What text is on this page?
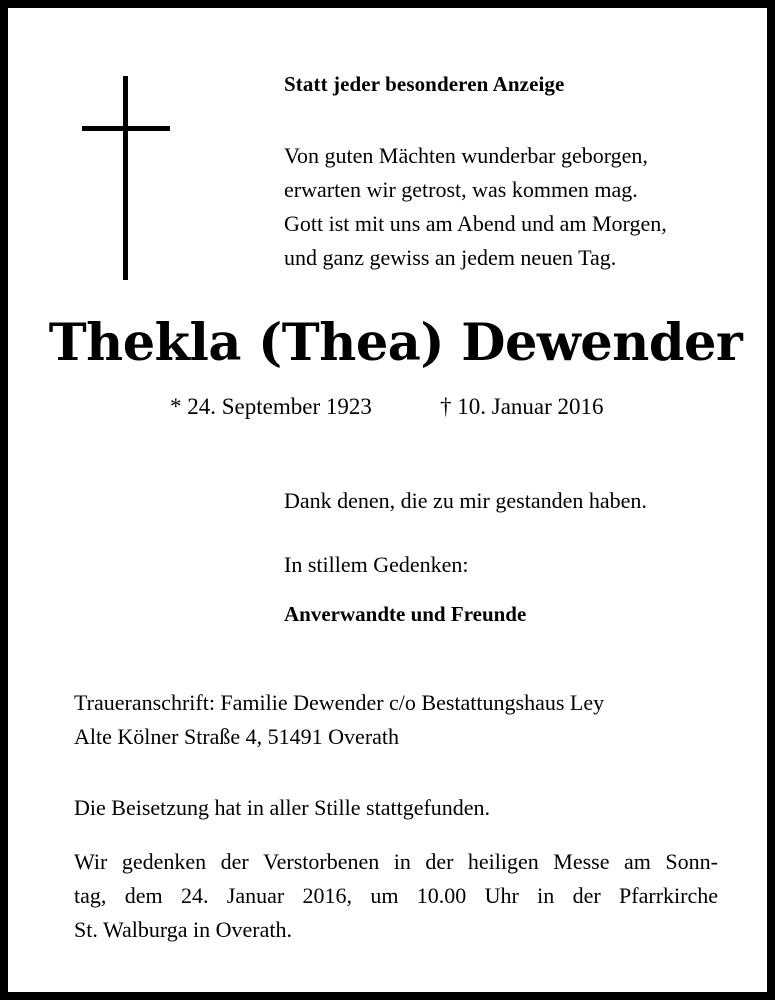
Statt jeder besonderen Anzeige
Von guten Mächten wunderbar geborgen,
erwarten wir getrost, was kommen mag.
Gott ist mit uns am Abend und am Morgen,
und ganz gewiss an jedem neuen Tag.
Thekla (Thea) Dewender
* 24. September 1923	† 10. Januar 2016
Dank denen, die zu mir gestanden haben.
In stillem Gedenken:
Anverwandte und Freunde
Traueranschrift: Familie Dewender c/o Bestattungshaus Ley
Alte Kölner Straße 4, 51491 Overath
Die Beisetzung hat in aller Stille stattgefunden.
Wir gedenken der Verstorbenen in der heiligen Messe am Sonn-
tag, dem 24. Januar 2016, um 10.00 Uhr in der Pfarrkirche
St. Walburga in Overath.
